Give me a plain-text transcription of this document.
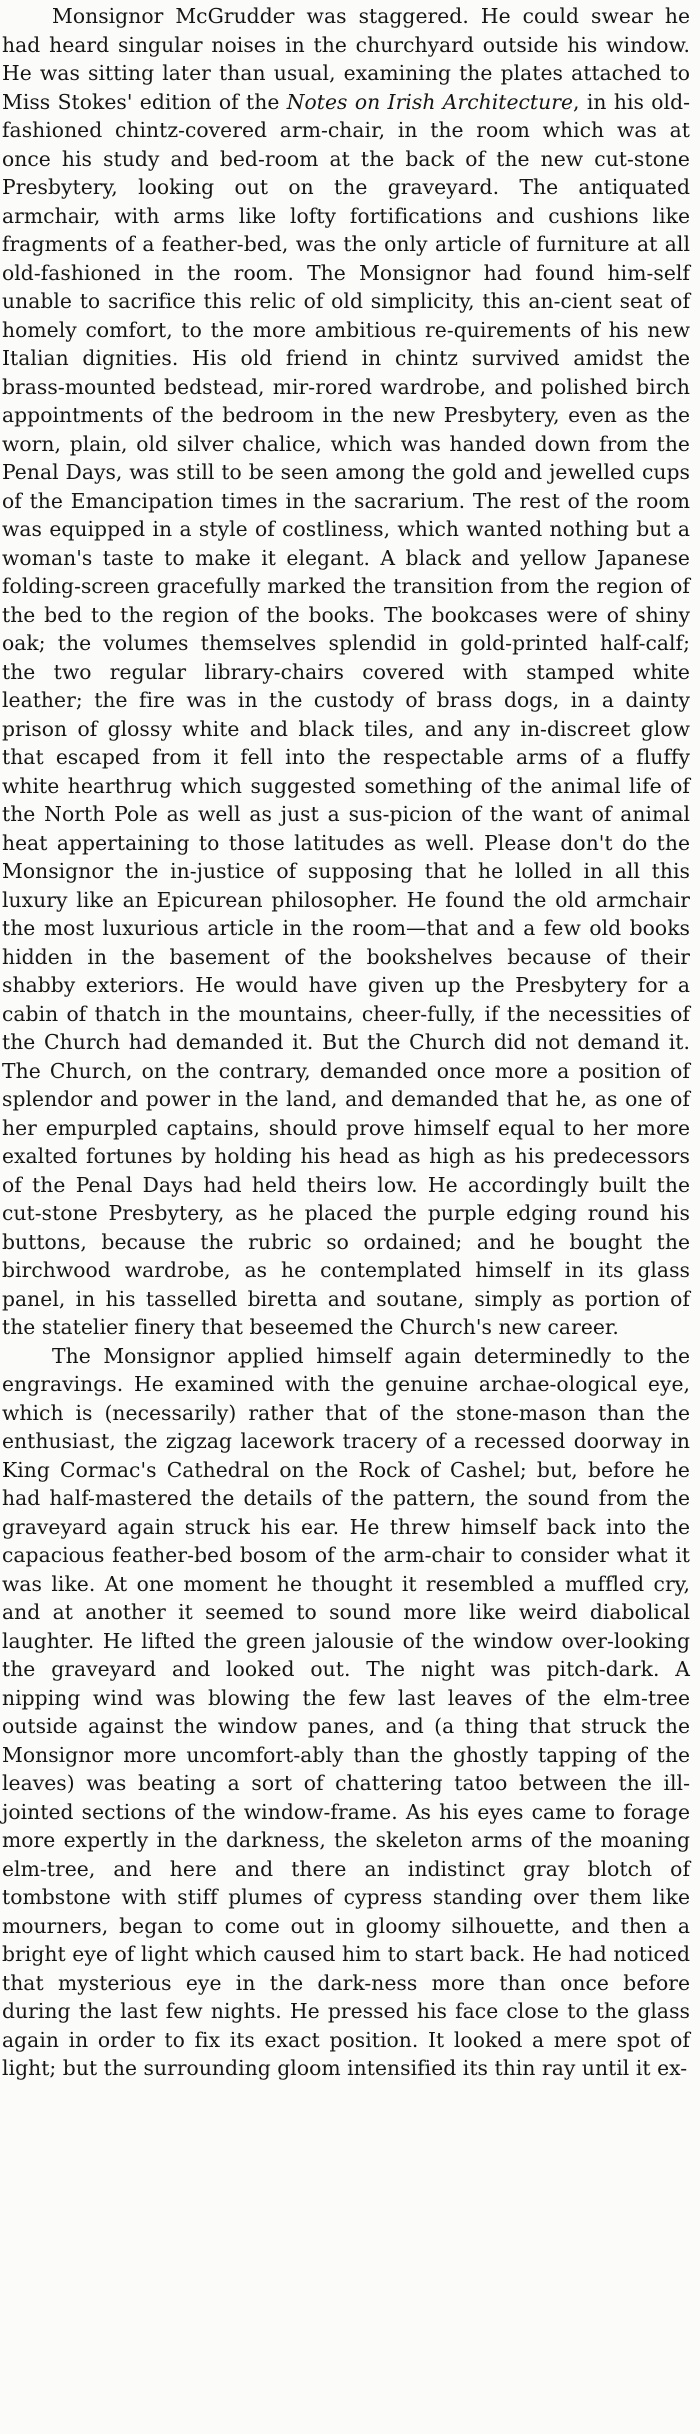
Monsignor McGrudder was staggered. He could swear he had heard singular noises in the churchyard outside his window. He was sitting later than usual, examining the plates attached to Miss Stokes' edition of the Notes on Irish Architecture, in his old-fashioned chintz-covered arm-chair, in the room which was at once his study and bed-room at the back of the new cut-stone Presbytery, looking out on the graveyard. The antiquated armchair, with arms like lofty fortifications and cushions like fragments of a feather-bed, was the only article of furniture at all old-fashioned in the room. The Monsignor had found him-self unable to sacrifice this relic of old simplicity, this an-cient seat of homely comfort, to the more ambitious re-quirements of his new Italian dignities. His old friend in chintz survived amidst the brass-mounted bedstead, mir-rored wardrobe, and polished birch appointments of the bedroom in the new Presbytery, even as the worn, plain, old silver chalice, which was handed down from the Penal Days, was still to be seen among the gold and jewelled cups of the Emancipation times in the sacrarium. The rest of the room was equipped in a style of costliness, which wanted nothing but a woman's taste to make it elegant. A black and yellow Japanese folding-screen gracefully marked the transition from the region of the bed to the region of the books. The bookcases were of shiny oak; the volumes themselves splendid in gold-printed half-calf; the two regular library-chairs covered with stamped white leather; the fire was in the custody of brass dogs, in a dainty prison of glossy white and black tiles, and any in-discreet glow that escaped from it fell into the respectable arms of a fluffy white hearthrug which suggested something of the animal life of the North Pole as well as just a sus-picion of the want of animal heat appertaining to those latitudes as well. Please don't do the Monsignor the in-justice of supposing that he lolled in all this luxury like an Epicurean philosopher. He found the old armchair the most luxurious article in the room—that and a few old books hidden in the basement of the bookshelves because of their shabby exteriors. He would have given up the Presbytery for a cabin of thatch in the mountains, cheer-fully, if the necessities of the Church had demanded it. But the Church did not demand it. The Church, on the contrary, demanded once more a position of splendor and power in the land, and demanded that he, as one of her empurpled captains, should prove himself equal to her more exalted fortunes by holding his head as high as his predecessors of the Penal Days had held theirs low. He accordingly built the cut-stone Presbytery, as he placed the purple edging round his buttons, because the rubric so ordained; and he bought the birchwood wardrobe, as he contemplated himself in its glass panel, in his tasselled biretta and soutane, simply as portion of the statelier finery that beseemed the Church's new career.

The Monsignor applied himself again determinedly to the engravings. He examined with the genuine archae-ological eye, which is (necessarily) rather that of the stone-mason than the enthusiast, the zigzag lacework tracery of a recessed doorway in King Cormac's Cathedral on the Rock of Cashel; but, before he had half-mastered the details of the pattern, the sound from the graveyard again struck his ear. He threw himself back into the capacious feather-bed bosom of the arm-chair to consider what it was like. At one moment he thought it resembled a muffled cry, and at another it seemed to sound more like weird diabolical laughter. He lifted the green jalousie of the window over-looking the graveyard and looked out. The night was pitch-dark. A nipping wind was blowing the few last leaves of the elm-tree outside against the window panes, and (a thing that struck the Monsignor more uncomfort-ably than the ghostly tapping of the leaves) was beating a sort of chattering tatoo between the ill-jointed sections of the window-frame. As his eyes came to forage more expertly in the darkness, the skeleton arms of the moaning elm-tree, and here and there an indistinct gray blotch of tombstone with stiff plumes of cypress standing over them like mourners, began to come out in gloomy silhouette, and then a bright eye of light which caused him to start back. He had noticed that mysterious eye in the dark-ness more than once before during the last few nights. He pressed his face close to the glass again in order to fix its exact position. It looked a mere spot of light; but the surrounding gloom intensified its thin ray until it ex-
